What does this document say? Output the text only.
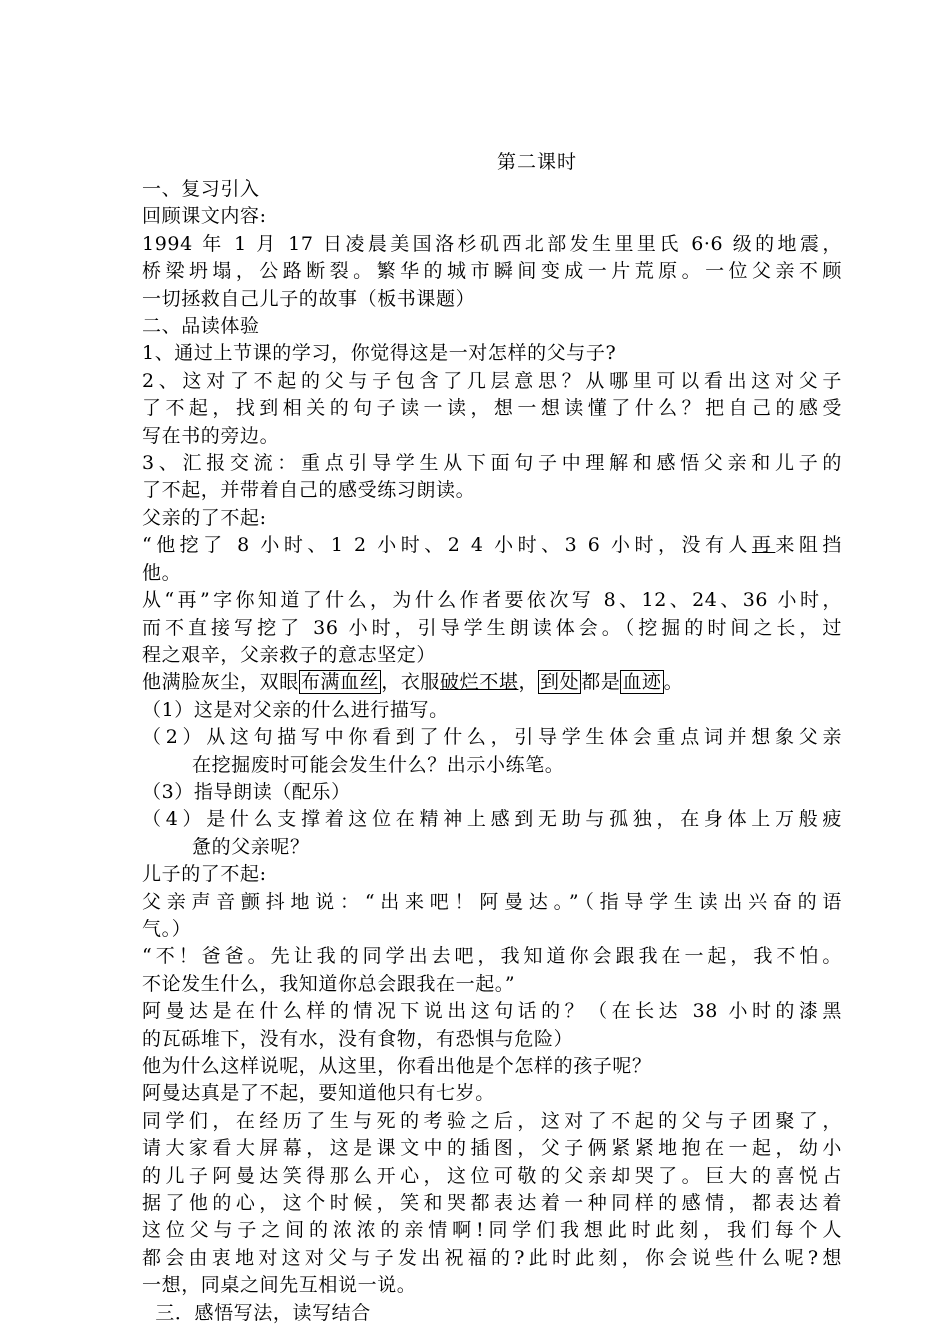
第二课时
一、复习引入
回顾课文内容:
1994 年 1 月 17 日凌晨美国洛杉矶西北部发生里里氏 6·6 级的地震，
桥梁坍塌，公路断裂。繁华的城市瞬间变成一片荒原。一位父亲不顾
一切拯救自己儿子的故事（板书课题）
二、品读体验
1、通过上节课的学习，你觉得这是一对怎样的父与子?
2、这对了不起的父与子包含了几层意思？从哪里可以看出这对父子
了不起，找到相关的句子读一读，想一想读懂了什么？把自己的感受
写在书的旁边。
3、汇报交流：重点引导学生从下面句子中理解和感悟父亲和儿子的
了不起，并带着自己的感受练习朗读。
父亲的了不起:
“他挖了 8 小时、1 2 小时、2 4 小时、3 6 小时，没有人再来阻挡
他。
从“再”字你知道了什么，为什么作者要依次写 8、12、24、36 小时，
而不直接写挖了 36 小时，引导学生朗读体会。（挖掘的时间之长，过
程之艰辛，父亲救子的意志坚定）
他满脸灰尘，双眼 布满血丝 ，衣服破烂不堪， 到处 都是 血迹 。
（1）这是对父亲的什么进行描写。
（2）从这句描写中你看到了什么，引导学生体会重点词并想象父亲
在挖掘废时可能会发生什么？出示小练笔。
（3）指导朗读（配乐）
（4）是什么支撑着这位在精神上感到无助与孤独，在身体上万般疲
惫的父亲呢？
儿子的了不起:
父亲声音颤抖地说：“出来吧！阿曼达。”（指导学生读出兴奋的语
气。）
“不！爸爸。先让我的同学出去吧，我知道你会跟我在一起，我不怕。
不论发生什么，我知道你总会跟我在一起。”
阿曼达是在什么样的情况下说出这句话的？（在长达 38 小时的漆黑
的瓦砾堆下，没有水，没有食物，有恐惧与危险）
他为什么这样说呢，从这里，你看出他是个怎样的孩子呢？
阿曼达真是了不起，要知道他只有七岁。
同学们，在经历了生与死的考验之后，这对了不起的父与子团聚了，
请大家看大屏幕，这是课文中的插图，父子俩紧紧地抱在一起，幼小
的儿子阿曼达笑得那么开心，这位可敬的父亲却哭了。巨大的喜悦占
据了他的心，这个时候，笑和哭都表达着一种同样的感情，都表达着
这位父与子之间的浓浓的亲情啊!同学们我想此时此刻，我们每个人
都会由衷地对这对父与子发出祝福的?此时此刻，你会说些什么呢?想
一想，同桌之间先互相说一说。
三．感悟写法，读写结合
